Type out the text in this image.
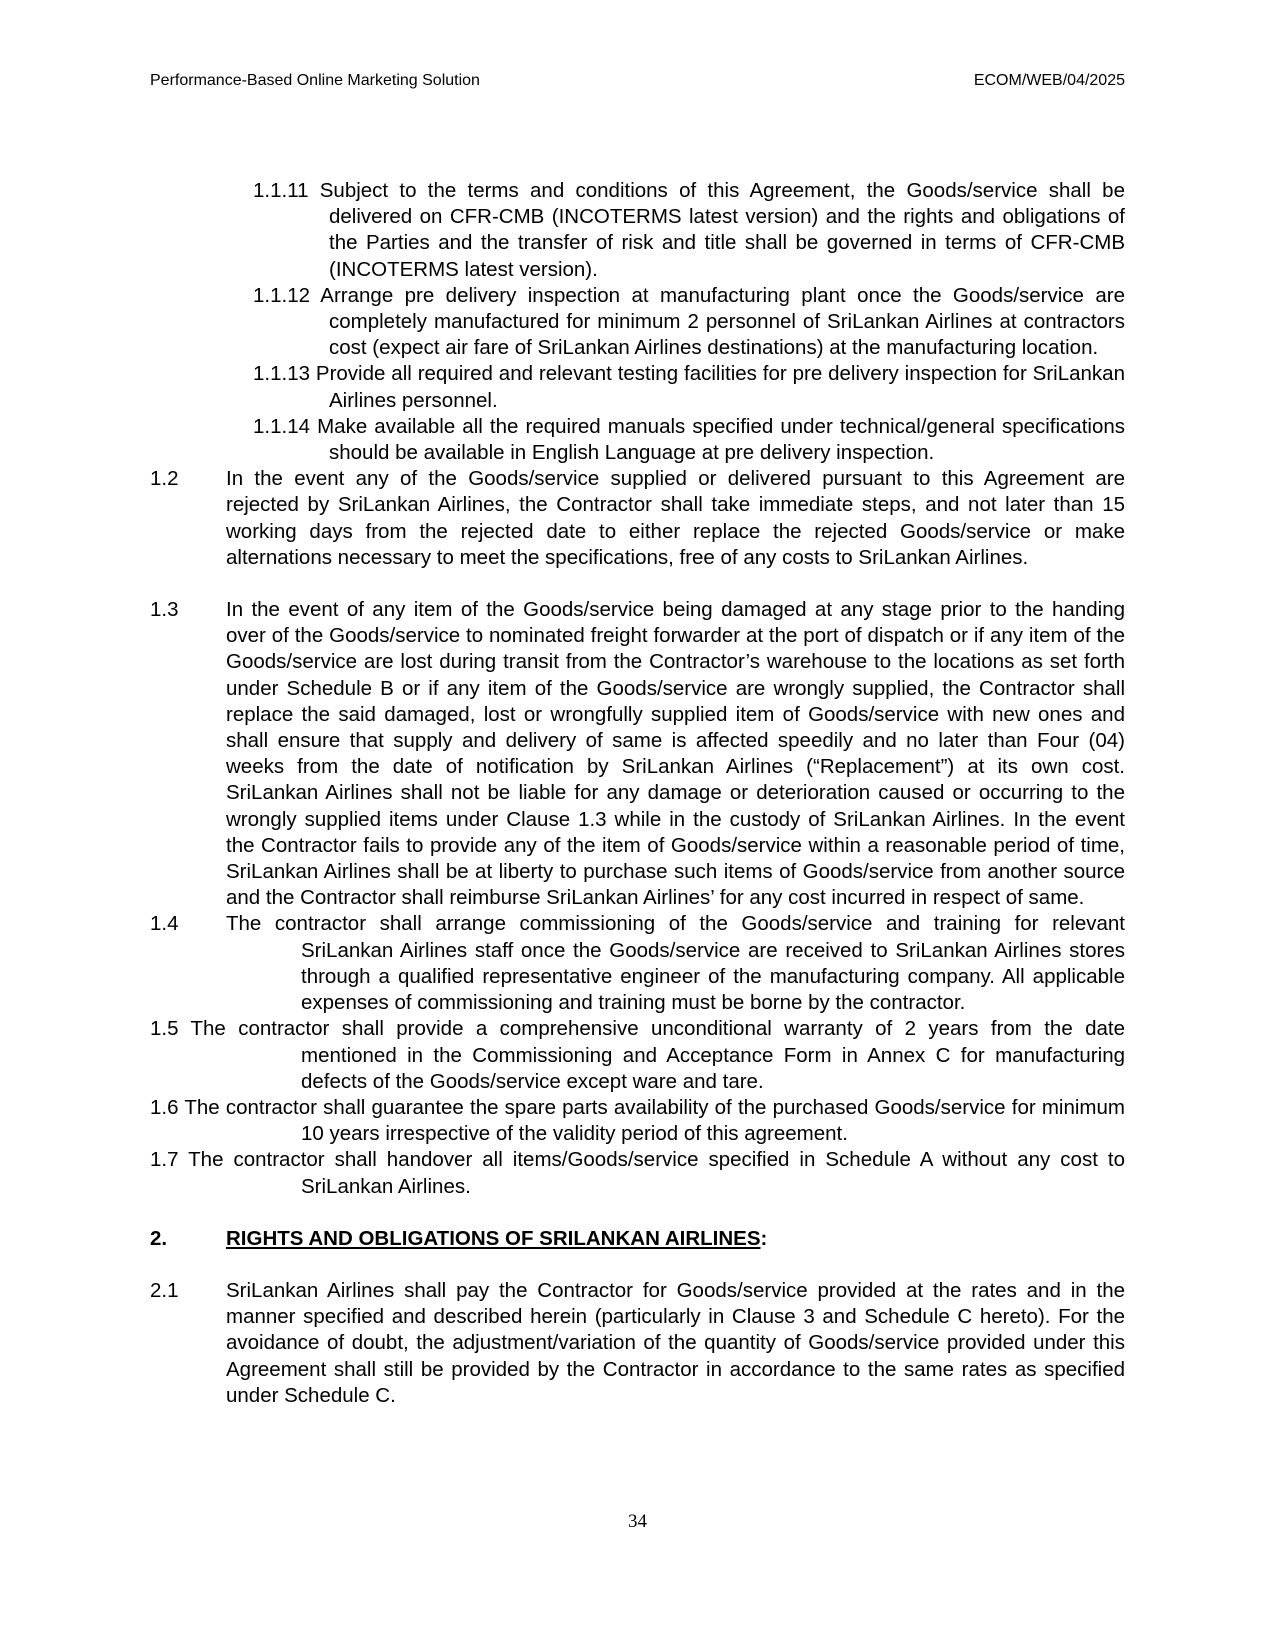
Performance-Based Online Marketing Solution	ECOM/WEB/04/2025

1.1.11 Subject to the terms and conditions of this Agreement, the Goods/service shall be delivered on CFR-CMB (INCOTERMS latest version) and the rights and obligations of the Parties and the transfer of risk and title shall be governed in terms of CFR-CMB (INCOTERMS latest version).

1.1.12 Arrange pre delivery inspection at manufacturing plant once the Goods/service are completely manufactured for minimum 2 personnel of SriLankan Airlines at contractors cost (expect air fare of SriLankan Airlines destinations) at the manufacturing location.

1.1.13 Provide all required and relevant testing facilities for pre delivery inspection for SriLankan Airlines personnel.

1.1.14 Make available all the required manuals specified under technical/general specifications should be available in English Language at pre delivery inspection.

1.2 In the event any of the Goods/service supplied or delivered pursuant to this Agreement are rejected by SriLankan Airlines, the Contractor shall take immediate steps, and not later than 15 working days from the rejected date to either replace the rejected Goods/service or make alternations necessary to meet the specifications, free of any costs to SriLankan Airlines.

1.3 In the event of any item of the Goods/service being damaged at any stage prior to the handing over of the Goods/service to nominated freight forwarder at the port of dispatch or if any item of the Goods/service are lost during transit from the Contractor’s warehouse to the locations as set forth under Schedule B or if any item of the Goods/service are wrongly supplied, the Contractor shall replace the said damaged, lost or wrongfully supplied item of Goods/service with new ones and shall ensure that supply and delivery of same is affected speedily and no later than Four (04) weeks from the date of notification by SriLankan Airlines (“Replacement”) at its own cost. SriLankan Airlines shall not be liable for any damage or deterioration caused or occurring to the wrongly supplied items under Clause 1.3 while in the custody of SriLankan Airlines. In the event the Contractor fails to provide any of the item of Goods/service within a reasonable period of time, SriLankan Airlines shall be at liberty to purchase such items of Goods/service from another source and the Contractor shall reimburse SriLankan Airlines’ for any cost incurred in respect of same.

1.4 The contractor shall arrange commissioning of the Goods/service and training for relevant SriLankan Airlines staff once the Goods/service are received to SriLankan Airlines stores through a qualified representative engineer of the manufacturing company. All applicable expenses of commissioning and training must be borne by the contractor.

1.5 The contractor shall provide a comprehensive unconditional warranty of 2 years from the date mentioned in the Commissioning and Acceptance Form in Annex C for manufacturing defects of the Goods/service except ware and tare.

1.6 The contractor shall guarantee the spare parts availability of the purchased Goods/service for minimum 10 years irrespective of the validity period of this agreement.

1.7 The contractor shall handover all items/Goods/service specified in Schedule A without any cost to SriLankan Airlines.

2.	RIGHTS AND OBLIGATIONS OF SRILANKAN AIRLINES:

2.1 SriLankan Airlines shall pay the Contractor for Goods/service provided at the rates and in the manner specified and described herein (particularly in Clause 3 and Schedule C hereto). For the avoidance of doubt, the adjustment/variation of the quantity of Goods/service provided under this Agreement shall still be provided by the Contractor in accordance to the same rates as specified under Schedule C.

34
